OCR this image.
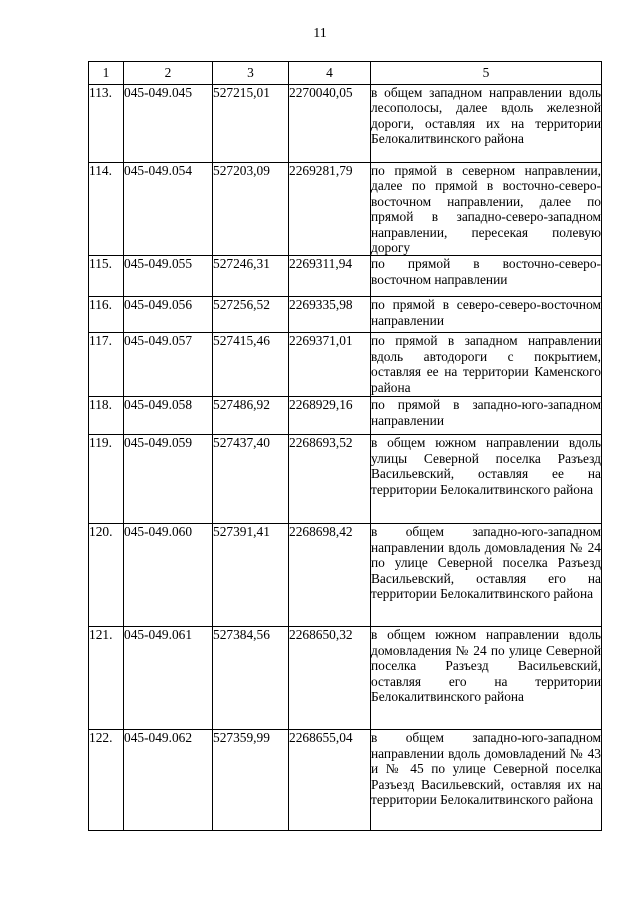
11
1	2	3	4	5
113.	045-049.045	527215,01	2270040,05	в общем западном направлении вдоль лесополосы, далее вдоль железной дороги, оставляя их на территории Белокалитвинского района
114.	045-049.054	527203,09	2269281,79	по прямой в северном направлении, далее по прямой в восточно-северо-восточном направлении, далее по прямой в западно-северо-западном направлении, пересекая полевую дорогу
115.	045-049.055	527246,31	2269311,94	по прямой в восточно-северо-восточном направлении
116.	045-049.056	527256,52	2269335,98	по прямой в северо-северо-восточном направлении
117.	045-049.057	527415,46	2269371,01	по прямой в западном направлении вдоль автодороги с покрытием, оставляя ее на территории Каменского района
118.	045-049.058	527486,92	2268929,16	по прямой в западно-юго-западном направлении
119.	045-049.059	527437,40	2268693,52	в общем южном направлении вдоль улицы Северной поселка Разъезд Васильевский, оставляя ее на территории Белокалитвинского района
120.	045-049.060	527391,41	2268698,42	в общем западно-юго-западном направлении вдоль домовладения № 24 по улице Северной поселка Разъезд Васильевский, оставляя его на территории Белокалитвинского района
121.	045-049.061	527384,56	2268650,32	в общем южном направлении вдоль домовладения № 24 по улице Северной поселка Разъезд Васильевский, оставляя его на территории Белокалитвинского района
122.	045-049.062	527359,99	2268655,04	в общем западно-юго-западном направлении вдоль домовладений № 43 и № 45 по улице Северной поселка Разъезд Васильевский, оставляя их на территории Белокалитвинского района
